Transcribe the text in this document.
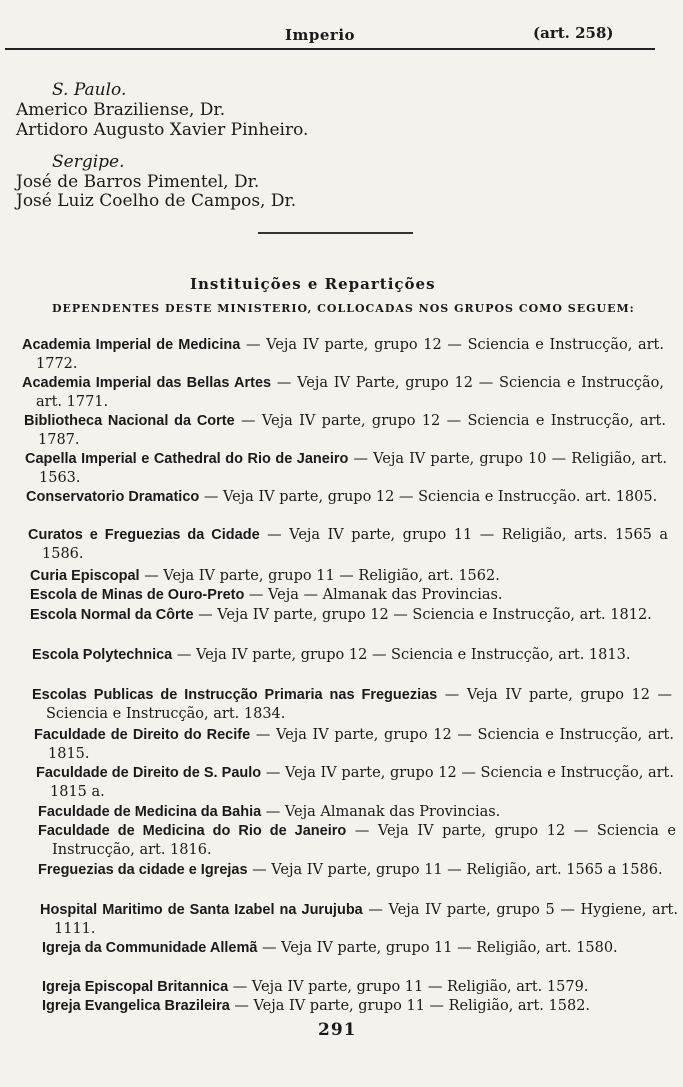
Imperio	(art. 258)
S. Paulo.
Americo Braziliense, Dr.
Artidoro Augusto Xavier Pinheiro.
Sergipe.
José de Barros Pimentel, Dr.
José Luiz Coelho de Campos, Dr.
Instituições e Repartições
DEPENDENTES DESTE MINISTERIO, COLLOCADAS NOS GRUPOS COMO SEGUEM:
Academia Imperial de Medicina — Veja IV parte, grupo 12 — Sciencia e Instrucção, art. 1772.
Academia Imperial das Bellas Artes — Veja IV Parte, grupo 12 — Sciencia e Instrucção, art. 1771.
Bibliotheca Nacional da Corte — Veja IV parte, grupo 12 — Sciencia e Instrucção, art. 1787.
Capella Imperial e Cathedral do Rio de Janeiro — Veja IV parte, grupo 10 — Religião, art. 1563.
Conservatorio Dramatico — Veja IV parte, grupo 12 — Sciencia e Instrucção. art. 1805.
Curatos e Freguezias da Cidade — Veja IV parte, grupo 11 — Religião, arts. 1565 a 1586.
Curia Episcopal — Veja IV parte, grupo 11 — Religião, art. 1562.
Escola de Minas de Ouro-Preto — Veja — Almanak das Provincias.
Escola Normal da Côrte — Veja IV parte, grupo 12 — Sciencia e Instrucção, art. 1812.
Escola Polytechnica — Veja IV parte, grupo 12 — Sciencia e Instrucção, art. 1813.
Escolas Publicas de Instrucção Primaria nas Freguezias — Veja IV parte, grupo 12 — Sciencia e Instrucção, art. 1834.
Faculdade de Direito do Recife — Veja IV parte, grupo 12 — Sciencia e Instrucção, art. 1815.
Faculdade de Direito de S. Paulo — Veja IV parte, grupo 12 — Sciencia e Instrucção, art. 1815 a.
Faculdade de Medicina da Bahia — Veja Almanak das Provincias.
Faculdade de Medicina do Rio de Janeiro — Veja IV parte, grupo 12 — Sciencia e Instrucção, art. 1816.
Freguezias da cidade e Igrejas — Veja IV parte, grupo 11 — Religião, art. 1565 a 1586.
Hospital Maritimo de Santa Izabel na Jurujuba — Veja IV parte, grupo 5 — Hygiene, art. 1111.
Igreja da Communidade Allemã — Veja IV parte, grupo 11 — Religião, art. 1580.
Igreja Episcopal Britannica — Veja IV parte, grupo 11 — Religião, art. 1579.
Igreja Evangelica Brazileira — Veja IV parte, grupo 11 — Religião, art. 1582.
291
